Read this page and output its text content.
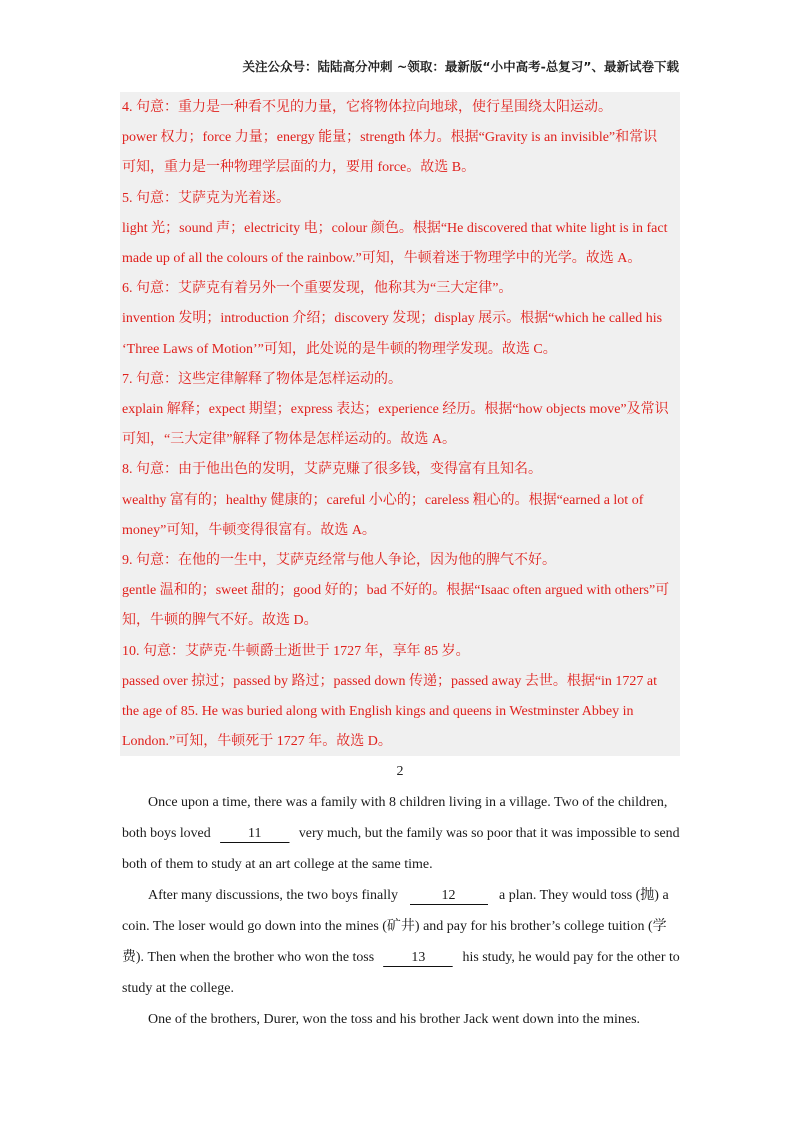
关注公众号：陆陆高分冲刺 ~领取：最新版“小中高考-总复习”、最新试卷下载
4. 句意：重力是一种看不见的力量，它将物体拉向地球，使行星围绕太阳运动。
power 权力；force 力量；energy 能量；strength 体力。根据“Gravity is an invisible”和常识
可知，重力是一种物理学层面的力，要用 force。故选 B。
5. 句意：艾萨克为光着迷。
light 光；sound 声；electricity 电；colour 颜色。根据“He discovered that white light is in fact
made up of all the colours of the rainbow.”可知，牛顿着迷于物理学中的光学。故选 A。
6. 句意：艾萨克有着另外一个重要发现，他称其为“三大定律”。
invention 发明；introduction 介绍；discovery 发现；display 展示。根据“which he called his
‘Three Laws of Motion’”可知，此处说的是牛顿的物理学发现。故选 C。
7. 句意：这些定律解释了物体是怎样运动的。
explain 解释；expect 期望；express 表达；experience 经历。根据“how objects move”及常识
可知，“三大定律”解释了物体是怎样运动的。故选 A。
8. 句意：由于他出色的发明，艾萨克赚了很多钱，变得富有且知名。
wealthy 富有的；healthy 健康的；careful 小心的；careless 粗心的。根据“earned a lot of
money”可知，牛顿变得很富有。故选 A。
9. 句意：在他的一生中，艾萨克经常与他人争论，因为他的脾气不好。
gentle 温和的；sweet 甜的；good 好的；bad 不好的。根据“Isaac often argued with others”可
知，牛顿的脾气不好。故选 D。
10. 句意：艾萨克·牛顿爵士逝世于 1727 年，享年 85 岁。
passed over 掠过；passed by 路过；passed down 传递；passed away 去世。根据“in 1727 at
the age of 85. He was buried along with English kings and queens in Westminster Abbey in
London.”可知，牛顿死于 1727 年。故选 D。
2
Once upon a time, there was a family with 8 children living in a village. Two of the children,
both boys loved	11	very much, but the family was so poor that it was impossible to send
both of them to study at an art college at the same time.
After many discussions, the two boys finally	12	a plan. They would toss (抛) a
coin. The loser would go down into the mines (矿井) and pay for his brother’s college tuition (学
费). Then when the brother who won the toss	13	his study, he would pay for the other to
study at the college.
One of the brothers, Durer, won the toss and his brother Jack went down into the mines.
